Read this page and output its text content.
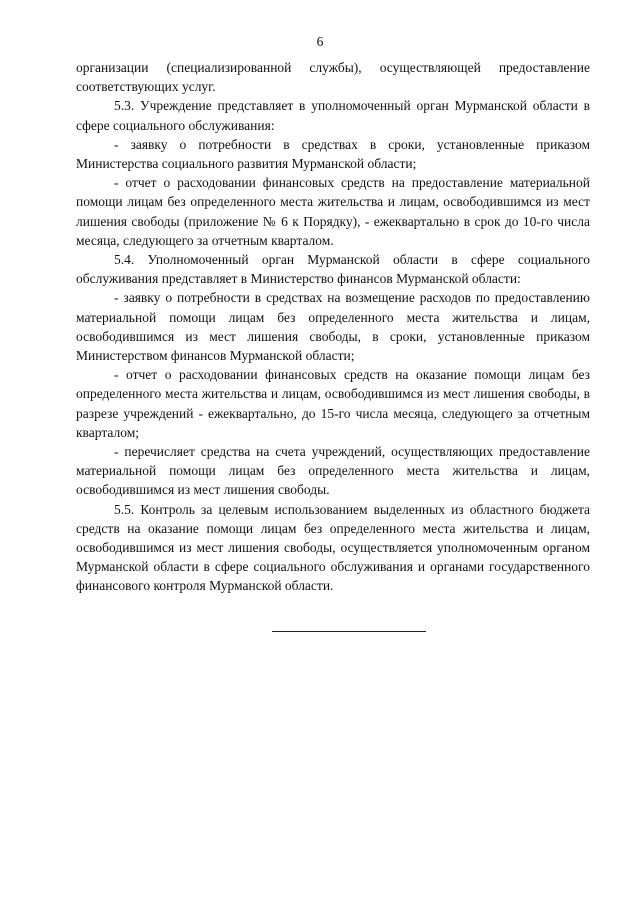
6

организации (специализированной службы), осуществляющей предоставление соответствующих услуг.

5.3. Учреждение представляет в уполномоченный орган Мурманской области в сфере социального обслуживания:

- заявку о потребности в средствах в сроки, установленные приказом Министерства социального развития Мурманской области;

- отчет о расходовании финансовых средств на предоставление материальной помощи лицам без определенного места жительства и лицам, освободившимся из мест лишения свободы (приложение № 6 к Порядку), - ежеквартально в срок до 10-го числа месяца, следующего за отчетным кварталом.

5.4. Уполномоченный орган Мурманской области в сфере социального обслуживания представляет в Министерство финансов Мурманской области:

- заявку о потребности в средствах на возмещение расходов по предоставлению материальной помощи лицам без определенного места жительства и лицам, освободившимся из мест лишения свободы, в сроки, установленные приказом Министерством финансов Мурманской области;

- отчет о расходовании финансовых средств на оказание помощи лицам без определенного места жительства и лицам, освободившимся из мест лишения свободы, в разрезе учреждений - ежеквартально, до 15-го числа месяца, следующего за отчетным кварталом;

- перечисляет средства на счета учреждений, осуществляющих предоставление материальной помощи лицам без определенного места жительства и лицам, освободившимся из мест лишения свободы.

5.5. Контроль за целевым использованием выделенных из областного бюджета средств на оказание помощи лицам без определенного места жительства и лицам, освободившимся из мест лишения свободы, осуществляется уполномоченным органом Мурманской области в сфере социального обслуживания и органами государственного финансового контроля Мурманской области.
